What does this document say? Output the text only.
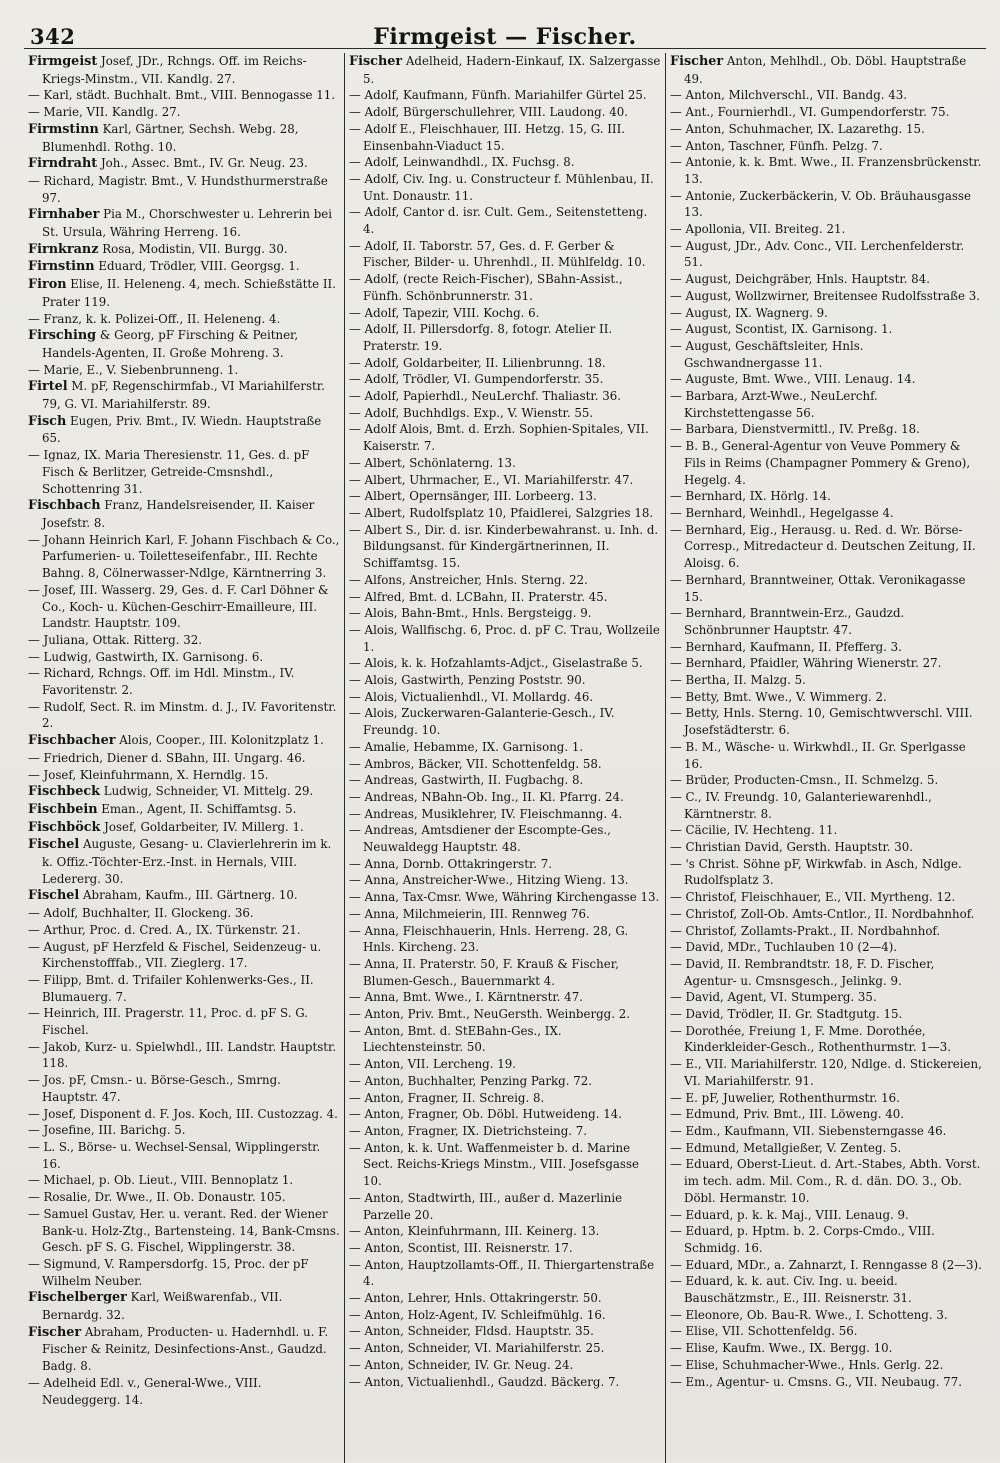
342	Firmgeist — Fischer.

Firmgeist Josef, JDr., Rchngs. Off. im Reichs-Kriegs-Minstm., VII. Kandlg. 27.

— Karl, städt. Buchhalt. Bmt., VIII. Bennogasse 11.

— Marie, VII. Kandlg. 27.

Firmstinn Karl, Gärtner, Sechsh. Webg. 28, Blumenhdl. Rothg. 10.

Firndraht Joh., Assec. Bmt., IV. Gr. Neug. 23.

— Richard, Magistr. Bmt., V. Hundsthurmerstraße 97.

Firnhaber Pia M., Chorschwester u. Lehrerin bei St. Ursula, Währing Herreng. 16.

Firnkranz Rosa, Modistin, VII. Burgg. 30.

Firnstinn Eduard, Trödler, VIII. Georgsg. 1.

Firon Elise, II. Heleneng. 4, mech. Schießstätte II. Prater 119.

— Franz, k. k. Polizei-Off., II. Heleneng. 4.

Firsching & Georg, pF Firsching & Peitner, Handels-Agenten, II. Große Mohreng. 3.

— Marie, E., V. Siebenbrunneng. 1.

Firtel M. pF, Regenschirmfab., VI Mariahilferstr. 79, G. VI. Mariahilferstr. 89.

Fisch Eugen, Priv. Bmt., IV. Wiedn. Hauptstraße 65.

— Ignaz, IX. Maria Theresienstr. 11, Ges. d. pF Fisch & Berlitzer, Getreide-Cmsnshdl., Schottenring 31.

Fischbach Franz, Handelsreisender, II. Kaiser Josefstr. 8.

— Johann Heinrich Karl, F. Johann Fischbach & Co., Parfumerien- u. Toiletteseifenfabr., III. Rechte Bahng. 8, Cölnerwasser-Ndlge, Kärntnerring 3.

— Josef, III. Wasserg. 29, Ges. d. F. Carl Döhner & Co., Koch- u. Küchen-Geschirr-Emailleure, III. Landstr. Hauptstr. 109.

— Juliana, Ottak. Ritterg. 32.

— Ludwig, Gastwirth, IX. Garnisong. 6.

— Richard, Rchngs. Off. im Hdl. Minstm., IV. Favoritenstr. 2.

— Rudolf, Sect. R. im Minstm. d. J., IV. Favoritenstr. 2.

Fischbacher Alois, Cooper., III. Kolonitzplatz 1.

— Friedrich, Diener d. SBahn, III. Ungarg. 46.

— Josef, Kleinfuhrmann, X. Herndlg. 15.

Fischbeck Ludwig, Schneider, VI. Mittelg. 29.

Fischbein Eman., Agent, II. Schiffamtsg. 5.

Fischböck Josef, Goldarbeiter, IV. Millerg. 1.

Fischel Auguste, Gesang- u. Clavierlehrerin im k. k. Offiz.-Töchter-Erz.-Inst. in Hernals, VIII. Ledererg. 30.

Fischel Abraham, Kaufm., III. Gärtnerg. 10.

— Adolf, Buchhalter, II. Glockeng. 36.

— Arthur, Proc. d. Cred. A., IX. Türkenstr. 21.

— August, pF Herzfeld & Fischel, Seidenzeug- u. Kirchenstofffab., VII. Zieglerg. 17.

— Filipp, Bmt. d. Trifailer Kohlenwerks-Ges., II. Blumauerg. 7.

— Heinrich, III. Pragerstr. 11, Proc. d. pF S. G. Fischel.

— Jakob, Kurz- u. Spielwhdl., III. Landstr. Hauptstr. 118.

— Jos. pF, Cmsn.- u. Börse-Gesch., Smrng. Hauptstr. 47.

— Josef, Disponent d. F. Jos. Koch, III. Custozzag. 4.

— Josefine, III. Barichg. 5.

— L. S., Börse- u. Wechsel-Sensal, Wipplingerstr. 16.

— Michael, p. Ob. Lieut., VIII. Bennoplatz 1.

— Rosalie, Dr. Wwe., II. Ob. Donaustr. 105.

— Samuel Gustav, Her. u. verant. Red. der Wiener Bank-u. Holz-Ztg., Bartensteing. 14, Bank-Cmsns. Gesch. pF S. G. Fischel, Wipplingerstr. 38.

— Sigmund, V. Rampersdorfg. 15, Proc. der pF Wilhelm Neuber.

Fischelberger Karl, Weißwarenfab., VII. Bernardg. 32.

Fischer Abraham, Producten- u. Hadernhdl. u. F. Fischer & Reinitz, Desinfections-Anst., Gaudzd. Badg. 8.

— Adelheid Edl. v., General-Wwe., VIII. Neudeggerg. 14.

Fischer Adelheid, Hadern-Einkauf, IX. Salzergasse 5.

— Adolf, Kaufmann, Fünfh. Mariahilfer Gürtel 25.

— Adolf, Bürgerschullehrer, VIII. Laudong. 40.

— Adolf E., Fleischhauer, III. Hetzg. 15, G. III. Einsenbahn-Viaduct 15.

— Adolf, Leinwandhdl., IX. Fuchsg. 8.

— Adolf, Civ. Ing. u. Constructeur f. Mühlenbau, II. Unt. Donaustr. 11.

— Adolf, Cantor d. isr. Cult. Gem., Seitenstetteng. 4.

— Adolf, II. Taborstr. 57, Ges. d. F. Gerber & Fischer, Bilder- u. Uhrenhdl., II. Mühlfeldg. 10.

— Adolf, (recte Reich-Fischer), SBahn-Assist., Fünfh. Schönbrunnerstr. 31.

— Adolf, Tapezir, VIII. Kochg. 6.

— Adolf, II. Pillersdorfg. 8, fotogr. Atelier II. Praterstr. 19.

— Adolf, Goldarbeiter, II. Lilienbrunng. 18.

— Adolf, Trödler, VI. Gumpendorferstr. 35.

— Adolf, Papierhdl., NeuLerchf. Thaliastr. 36.

— Adolf, Buchhdlgs. Exp., V. Wienstr. 55.

— Adolf Alois, Bmt. d. Erzh. Sophien-Spitales, VII. Kaiserstr. 7.

— Albert, Schönlaterng. 13.

— Albert, Uhrmacher, E., VI. Mariahilferstr. 47.

— Albert, Opernsänger, III. Lorbeerg. 13.

— Albert, Rudolfsplatz 10, Pfaidlerei, Salzgries 18.

— Albert S., Dir. d. isr. Kinderbewahranst. u. Inh. d. Bildungsanst. für Kindergärtnerinnen, II. Schiffamtsg. 15.

— Alfons, Anstreicher, Hnls. Sterng. 22.

— Alfred, Bmt. d. LCBahn, II. Praterstr. 45.

— Alois, Bahn-Bmt., Hnls. Bergsteigg. 9.

— Alois, Wallfischg. 6, Proc. d. pF C. Trau, Wollzeile 1.

— Alois, k. k. Hofzahlamts-Adjct., Giselastraße 5.

— Alois, Gastwirth, Penzing Poststr. 90.

— Alois, Victualienhdl., VI. Mollardg. 46.

— Alois, Zuckerwaren-Galanterie-Gesch., IV. Freundg. 10.

— Amalie, Hebamme, IX. Garnisong. 1.

— Ambros, Bäcker, VII. Schottenfeldg. 58.

— Andreas, Gastwirth, II. Fugbachg. 8.

— Andreas, NBahn-Ob. Ing., II. Kl. Pfarrg. 24.

— Andreas, Musiklehrer, IV. Fleischmanng. 4.

— Andreas, Amtsdiener der Escompte-Ges., Neuwaldegg Hauptstr. 48.

— Anna, Dornb. Ottakringerstr. 7.

— Anna, Anstreicher-Wwe., Hitzing Wieng. 13.

— Anna, Tax-Cmsr. Wwe, Währing Kirchengasse 13.

— Anna, Milchmeierin, III. Rennweg 76.

— Anna, Fleischhauerin, Hnls. Herreng. 28, G. Hnls. Kircheng. 23.

— Anna, II. Praterstr. 50, F. Krauß & Fischer, Blumen-Gesch., Bauernmarkt 4.

— Anna, Bmt. Wwe., I. Kärntnerstr. 47.

— Anton, Priv. Bmt., NeuGersth. Weinbergg. 2.

— Anton, Bmt. d. StEBahn-Ges., IX. Liechtensteinstr. 50.

— Anton, VII. Lercheng. 19.

— Anton, Buchhalter, Penzing Parkg. 72.

— Anton, Fragner, II. Schreig. 8.

— Anton, Fragner, Ob. Döbl. Hutweideng. 14.

— Anton, Fragner, IX. Dietrichsteing. 7.

— Anton, k. k. Unt. Waffenmeister b. d. Marine Sect. Reichs-Kriegs Minstm., VIII. Josefsgasse 10.

— Anton, Stadtwirth, III., außer d. Mazerlinie Parzelle 20.

— Anton, Kleinfuhrmann, III. Keinerg. 13.

— Anton, Scontist, III. Reisnerstr. 17.

— Anton, Hauptzollamts-Off., II. Thiergartenstraße 4.

— Anton, Lehrer, Hnls. Ottakringerstr. 50.

— Anton, Holz-Agent, IV. Schleifmühlg. 16.

— Anton, Schneider, Fldsd. Hauptstr. 35.

— Anton, Schneider, VI. Mariahilferstr. 25.

— Anton, Schneider, IV. Gr. Neug. 24.

— Anton, Victualienhdl., Gaudzd. Bäckerg. 7.

Fischer Anton, Mehlhdl., Ob. Döbl. Hauptstraße 49.

— Anton, Milchverschl., VII. Bandg. 43.

— Ant., Fournierhdl., VI. Gumpendorferstr. 75.

— Anton, Schuhmacher, IX. Lazarethg. 15.

— Anton, Taschner, Fünfh. Pelzg. 7.

— Antonie, k. k. Bmt. Wwe., II. Franzensbrückenstr. 13.

— Antonie, Zuckerbäckerin, V. Ob. Bräuhausgasse 13.

— Apollonia, VII. Breiteg. 21.

— August, JDr., Adv. Conc., VII. Lerchenfelderstr. 51.

— August, Deichgräber, Hnls. Hauptstr. 84.

— August, Wollzwirner, Breitensee Rudolfsstraße 3.

— August, IX. Wagnerg. 9.

— August, Scontist, IX. Garnisong. 1.

— August, Geschäftsleiter, Hnls. Gschwandnergasse 11.

— Auguste, Bmt. Wwe., VIII. Lenaug. 14.

— Barbara, Arzt-Wwe., NeuLerchf. Kirchstettengasse 56.

— Barbara, Dienstvermittl., IV. Preßg. 18.

— B. B., General-Agentur von Veuve Pommery & Fils in Reims (Champagner Pommery & Greno), Hegelg. 4.

— Bernhard, IX. Hörlg. 14.

— Bernhard, Weinhdl., Hegelgasse 4.

— Bernhard, Eig., Herausg. u. Red. d. Wr. Börse-Corresp., Mitredacteur d. Deutschen Zeitung, II. Aloisg. 6.

— Bernhard, Branntweiner, Ottak. Veronikagasse 15.

— Bernhard, Branntwein-Erz., Gaudzd. Schönbrunner Hauptstr. 47.

— Bernhard, Kaufmann, II. Pfefferg. 3.

— Bernhard, Pfaidler, Währing Wienerstr. 27.

— Bertha, II. Malzg. 5.

— Betty, Bmt. Wwe., V. Wimmerg. 2.

— Betty, Hnls. Sterng. 10, Gemischtwverschl. VIII. Josefstädterstr. 6.

— B. M., Wäsche- u. Wirkwhdl., II. Gr. Sperlgasse 16.

— Brüder, Producten-Cmsn., II. Schmelzg. 5.

— C., IV. Freundg. 10, Galanteriewarenhdl., Kärntnerstr. 8.

— Cäcilie, IV. Hechteng. 11.

— Christian David, Gersth. Hauptstr. 30.

— 's Christ. Söhne pF, Wirkwfab. in Asch, Ndlge. Rudolfsplatz 3.

— Christof, Fleischhauer, E., VII. Myrtheng. 12.

— Christof, Zoll-Ob. Amts-Cntlor., II. Nordbahnhof.

— Christof, Zollamts-Prakt., II. Nordbahnhof.

— David, MDr., Tuchlauben 10 (2—4).

— David, II. Rembrandtstr. 18, F. D. Fischer, Agentur- u. Cmsnsgesch., Jelinkg. 9.

— David, Agent, VI. Stumperg. 35.

— David, Trödler, II. Gr. Stadtgutg. 15.

— Dorothée, Freiung 1, F. Mme. Dorothée, Kinderkleider-Gesch., Rothenthurmstr. 1—3.

— E., VII. Mariahilferstr. 120, Ndlge. d. Stickereien, VI. Mariahilferstr. 91.

— E. pF, Juwelier, Rothenthurmstr. 16.

— Edmund, Priv. Bmt., III. Löweng. 40.

— Edm., Kaufmann, VII. Siebensterngasse 46.

— Edmund, Metallgießer, V. Zenteg. 5.

— Eduard, Oberst-Lieut. d. Art.-Stabes, Abth. Vorst. im tech. adm. Mil. Com., R. d. dän. DO. 3., Ob. Döbl. Hermanstr. 10.

— Eduard, p. k. k. Maj., VIII. Lenaug. 9.

— Eduard, p. Hptm. b. 2. Corps-Cmdo., VIII. Schmidg. 16.

— Eduard, MDr., a. Zahnarzt, I. Renngasse 8 (2—3).

— Eduard, k. k. aut. Civ. Ing. u. beeid. Bauschätzmstr., E., III. Reisnerstr. 31.

— Eleonore, Ob. Bau-R. Wwe., I. Schotteng. 3.

— Elise, VII. Schottenfeldg. 56.

— Elise, Kaufm. Wwe., IX. Bergg. 10.

— Elise, Schuhmacher-Wwe., Hnls. Gerlg. 22.

— Em., Agentur- u. Cmsns. G., VII. Neubaug. 77.
